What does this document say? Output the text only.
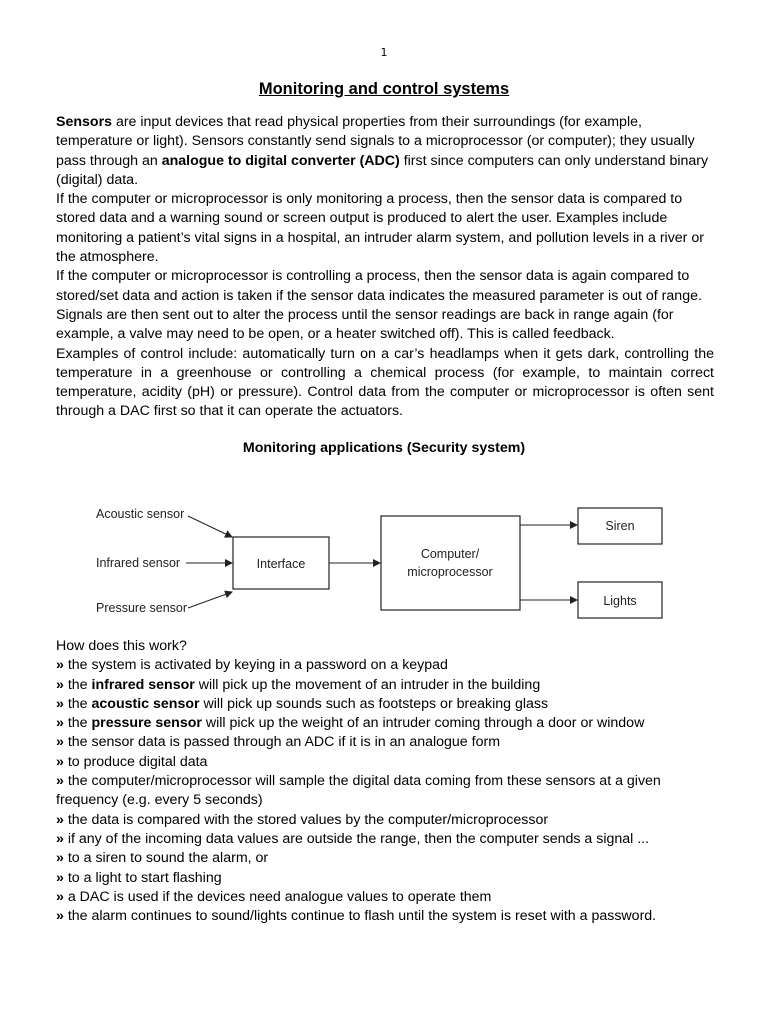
1
Monitoring and control systems

Sensors are input devices that read physical properties from their surroundings (for example, temperature or light). Sensors constantly send signals to a microprocessor (or computer); they usually pass through an analogue to digital converter (ADC) first since computers can only understand binary (digital) data.

If the computer or microprocessor is only monitoring a process, then the sensor data is compared to stored data and a warning sound or screen output is produced to alert the user. Examples include monitoring a patient’s vital signs in a hospital, an intruder alarm system, and pollution levels in a river or the atmosphere.

If the computer or microprocessor is controlling a process, then the sensor data is again compared to stored/set data and action is taken if the sensor data indicates the measured parameter is out of range. Signals are then sent out to alter the process until the sensor readings are back in range again (for example, a valve may need to be open, or a heater switched off). This is called feedback.

Examples of control include: automatically turn on a car’s headlamps when it gets dark, controlling the temperature in a greenhouse or controlling a chemical process (for example, to maintain correct temperature, acidity (pH) or pressure). Control data from the computer or microprocessor is often sent through a DAC first so that it can operate the actuators.

Monitoring applications (Security system)
Acoustic sensor
Infrared sensor
Pressure sensor
Interface
Computer/
microprocessor
Siren
Lights

How does this work?

» the system is activated by keying in a password on a keypad

» the infrared sensor will pick up the movement of an intruder in the building

» the acoustic sensor will pick up sounds such as footsteps or breaking glass

» the pressure sensor will pick up the weight of an intruder coming through a door or window

» the sensor data is passed through an ADC if it is in an analogue form

» to produce digital data

» the computer/microprocessor will sample the digital data coming from these sensors at a given frequency (e.g. every 5 seconds)

» the data is compared with the stored values by the computer/microprocessor

» if any of the incoming data values are outside the range, then the computer sends a signal ...

» to a siren to sound the alarm, or

» to a light to start flashing

» a DAC is used if the devices need analogue values to operate them

» the alarm continues to sound/lights continue to flash until the system is reset with a password.
